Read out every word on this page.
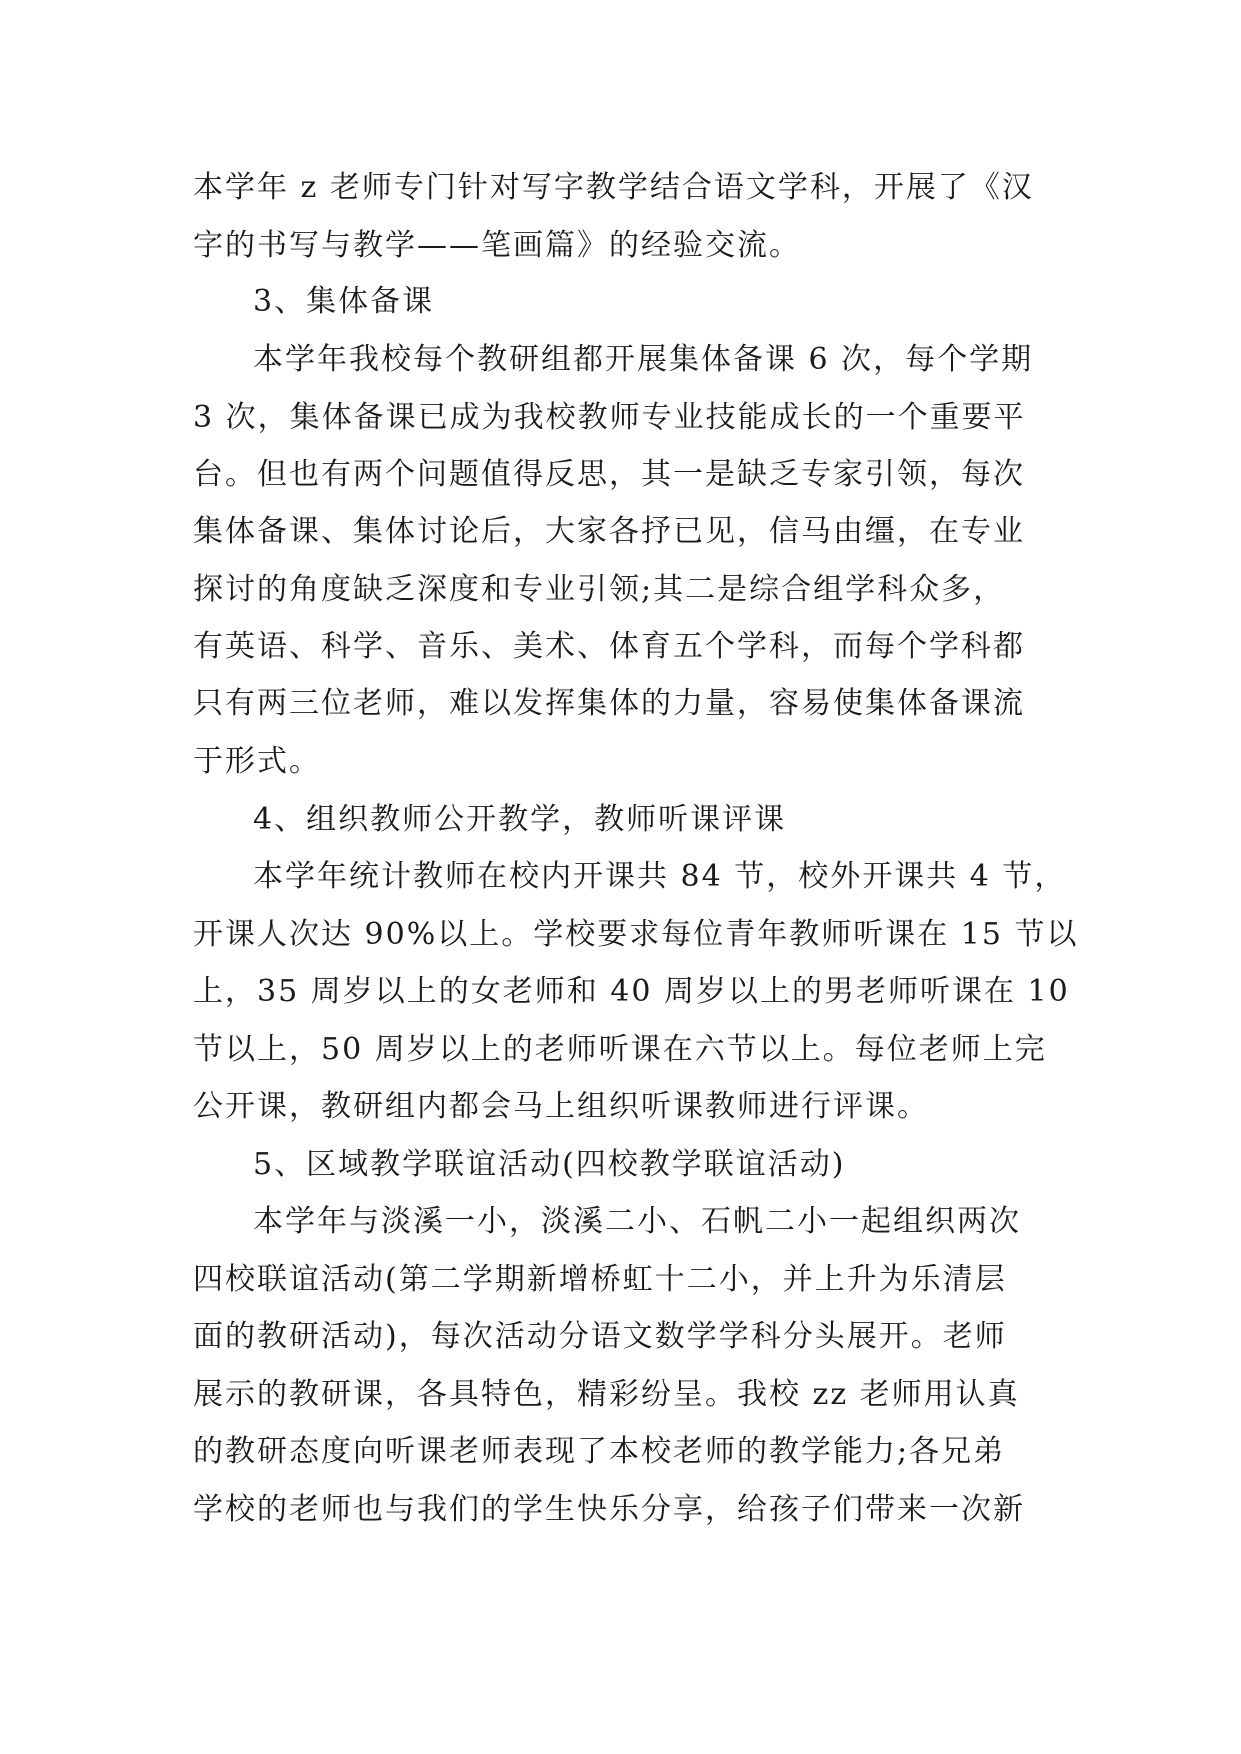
本学年 z 老师专门针对写字教学结合语文学科，开展了《汉
字的书写与教学——笔画篇》的经验交流。
3、集体备课
本学年我校每个教研组都开展集体备课 6 次，每个学期
3 次，集体备课已成为我校教师专业技能成长的一个重要平
台。但也有两个问题值得反思，其一是缺乏专家引领，每次
集体备课、集体讨论后，大家各抒已见，信马由缰，在专业
探讨的角度缺乏深度和专业引领;其二是综合组学科众多，
有英语、科学、音乐、美术、体育五个学科，而每个学科都
只有两三位老师，难以发挥集体的力量，容易使集体备课流
于形式。
4、组织教师公开教学，教师听课评课
本学年统计教师在校内开课共 84 节，校外开课共 4 节，
开课人次达 90%以上。学校要求每位青年教师听课在 15 节以
上，35 周岁以上的女老师和 40 周岁以上的男老师听课在 10
节以上，50 周岁以上的老师听课在六节以上。每位老师上完
公开课，教研组内都会马上组织听课教师进行评课。
5、区域教学联谊活动(四校教学联谊活动)
本学年与淡溪一小，淡溪二小、石帆二小一起组织两次
四校联谊活动(第二学期新增桥虹十二小，并上升为乐清层
面的教研活动)，每次活动分语文数学学科分头展开。老师
展示的教研课，各具特色，精彩纷呈。我校 zz 老师用认真
的教研态度向听课老师表现了本校老师的教学能力;各兄弟
学校的老师也与我们的学生快乐分享，给孩子们带来一次新
